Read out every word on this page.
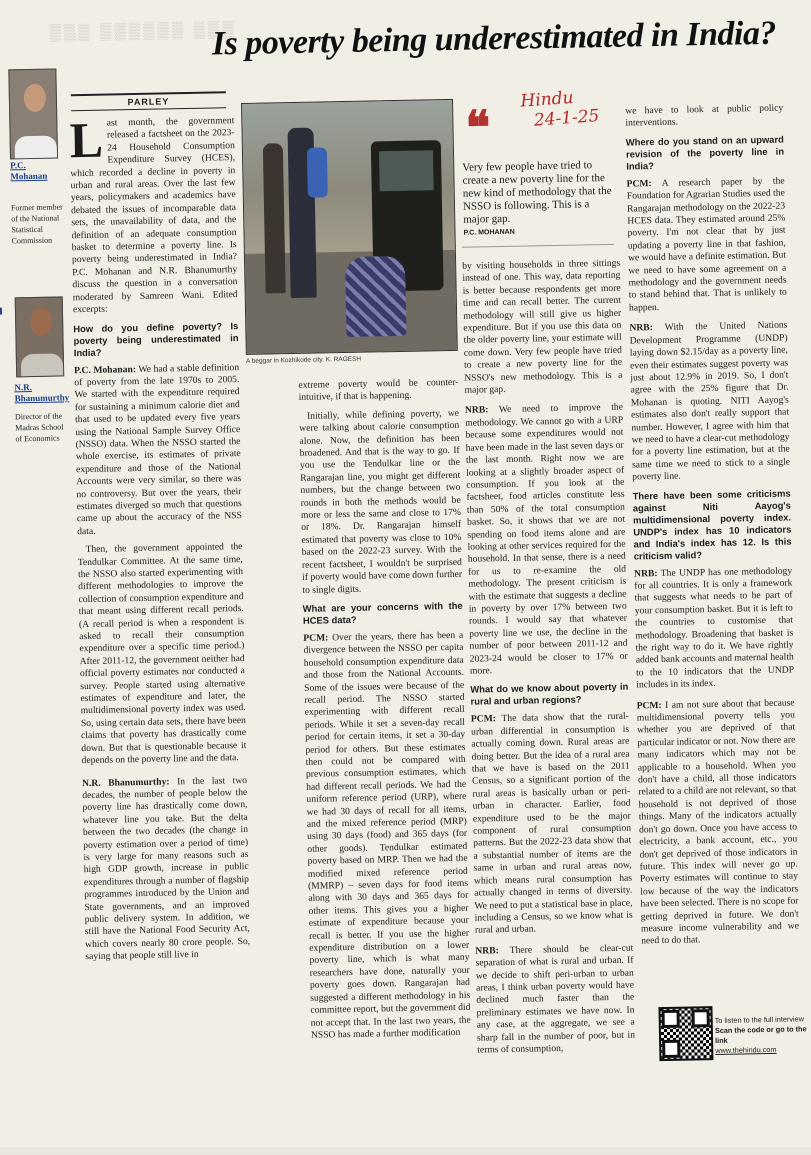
▒▒▒ ▒▒▒▒▒▒ ▒▒▒
Is poverty being underestimated in India?
P.C. Mohanan
Former member of the National Statistical Commission
N.R. Bhanumurthy
Director of the Madras School of Economics
PARLEY

Last month, the government released a factsheet on the 2023-24 Household Consumption Expenditure Survey (HCES), which recorded a decline in poverty in urban and rural areas. Over the last few years, policymakers and academics have debated the issues of incomparable data sets, the unavailability of data, and the definition of an adequate consumption basket to determine a poverty line. Is poverty being underestimated in India? P.C. Mohanan and N.R. Bhanumurthy discuss the question in a conversation moderated by Samreen Wani. Edited excerpts:

How do you define poverty? Is poverty being underestimated in India?

P.C. Mohanan: We had a stable definition of poverty from the late 1970s to 2005. We started with the expenditure required for sustaining a minimum calorie diet and that used to be updated every five years using the National Sample Survey Office (NSSO) data. When the NSSO started the whole exercise, its estimates of private expenditure and those of the National Accounts were very similar, so there was no controversy. But over the years, their estimates diverged so much that questions came up about the accuracy of the NSS data.

Then, the government appointed the Tendulkar Committee. At the same time, the NSSO also started experimenting with different methodologies to improve the collection of consumption expenditure and that meant using different recall periods. (A recall period is when a respondent is asked to recall their consumption expenditure over a specific time period.) After 2011-12, the government neither had official poverty estimates nor conducted a survey. People started using alternative estimates of expenditure and later, the multidimensional poverty index was used. So, using certain data sets, there have been claims that poverty has drastically come down. But that is questionable because it depends on the poverty line and the data.

N.R. Bhanumurthy: In the last two decades, the number of people below the poverty line has drastically come down, whatever line you take. But the delta between the two decades (the change in poverty estimation over a period of time) is very large for many reasons such as high GDP growth, increase in public expenditures through a number of flagship programmes introduced by the Union and State governments, and an improved public delivery system. In addition, we still have the National Food Security Act, which covers nearly 80 crore people. So, saying that people still live in

A beggar in Kozhikode city. K. RAGESH

extreme poverty would be counter-intuitive, if that is happening.

Initially, while defining poverty, we were talking about calorie consumption alone. Now, the definition has been broadened. And that is the way to go. If you use the Tendulkar line or the Rangarajan line, you might get different numbers, but the change between two rounds in both the methods would be more or less the same and close to 17% or 18%. Dr. Rangarajan himself estimated that poverty was close to 10% based on the 2022-23 survey. With the recent factsheet, I wouldn't be surprised if poverty would have come down further to single digits.

What are your concerns with the HCES data?

PCM: Over the years, there has been a divergence between the NSSO per capita household consumption expenditure data and those from the National Accounts. Some of the issues were because of the recall period. The NSSO started experimenting with different recall periods. While it set a seven-day recall period for certain items, it set a 30-day period for others. But these estimates then could not be compared with previous consumption estimates, which had different recall periods. We had the uniform reference period (URP), where we had 30 days of recall for all items, and the mixed reference period (MRP) using 30 days (food) and 365 days (for other goods). Tendulkar estimated poverty based on MRP. Then we had the modified mixed reference period (MMRP) – seven days for food items along with 30 days and 365 days for other items. This gives you a higher estimate of expenditure because your recall is better. If you use the higher expenditure distribution on a lower poverty line, which is what many researchers have done, naturally your poverty goes down. Rangarajan had suggested a different methodology in his committee report, but the government did not accept that. In the last two years, the NSSO has made a further modification

❝
Hindu
24-1-25
Very few people have tried to create a new poverty line for the new kind of methodology that the NSSO is following. This is a major gap.
P.C. MOHANAN

by visiting households in three sittings instead of one. This way, data reporting is better because respondents get more time and can recall better. The current methodology will still give us higher expenditure. But if you use this data on the older poverty line, your estimate will come down. Very few people have tried to create a new poverty line for the NSSO's new methodology. This is a major gap.

NRB: We need to improve the methodology. We cannot go with a URP because some expenditures would not have been made in the last seven days or the last month. Right now we are looking at a slightly broader aspect of consumption. If you look at the factsheet, food articles constitute less than 50% of the total consumption basket. So, it shows that we are not spending on food items alone and are looking at other services required for the household. In that sense, there is a need for us to re-examine the old methodology. The present criticism is with the estimate that suggests a decline in poverty by over 17% between two rounds. I would say that whatever poverty line we use, the decline in the number of poor between 2011-12 and 2023-24 would be closer to 17% or more.

What do we know about poverty in rural and urban regions?

PCM: The data show that the rural-urban differential in consumption is actually coming down. Rural areas are doing better. But the idea of a rural area that we have is based on the 2011 Census, so a significant portion of the rural areas is basically urban or peri-urban in character. Earlier, food expenditure used to be the major component of rural consumption patterns. But the 2022-23 data show that a substantial number of items are the same in urban and rural areas now, which means rural consumption has actually changed in terms of diversity. We need to put a statistical base in place, including a Census, so we know what is rural and urban.

NRB: There should be clear-cut separation of what is rural and urban. If we decide to shift peri-urban to urban areas, I think urban poverty would have declined much faster than the preliminary estimates we have now. In any case, at the aggregate, we see a sharp fall in the number of poor, but in terms of consumption,

we have to look at public policy interventions.

Where do you stand on an upward revision of the poverty line in India?

PCM: A research paper by the Foundation for Agrarian Studies used the Rangarajan methodology on the 2022-23 HCES data. They estimated around 25% poverty. I'm not clear that by just updating a poverty line in that fashion, we would have a definite estimation. But we need to have some agreement on a methodology and the government needs to stand behind that. That is unlikely to happen.

NRB: With the United Nations Development Programme (UNDP) laying down $2.15/day as a poverty line, even their estimates suggest poverty was just about 12.9% in 2019. So, I don't agree with the 25% figure that Dr. Mohanan is quoting. NITI Aayog's estimates also don't really support that number. However, I agree with him that we need to have a clear-cut methodology for a poverty line estimation, but at the same time we need to stick to a single poverty line.

There have been some criticisms against Niti Aayog's multidimensional poverty index. UNDP's index has 10 indicators and India's index has 12. Is this criticism valid?

NRB: The UNDP has one methodology for all countries. It is only a framework that suggests what needs to be part of your consumption basket. But it is left to the countries to customise that methodology. Broadening that basket is the right way to do it. We have rightly added bank accounts and maternal health to the 10 indicators that the UNDP includes in its index.

PCM: I am not sure about that because multidimensional poverty tells you whether you are deprived of that particular indicator or not. Now there are many indicators which may not be applicable to a household. When you don't have a child, all those indicators related to a child are not relevant, so that household is not deprived of those things. Many of the indicators actually don't go down. Once you have access to electricity, a bank account, etc., you don't get deprived of those indicators in future. This index will never go up. Poverty estimates will continue to stay low because of the way the indicators have been selected. There is no scope for getting deprived in future. We don't measure income vulnerability and we need to do that.

To listen to the full interview
Scan the code or go to the link
www.thehindu.com
